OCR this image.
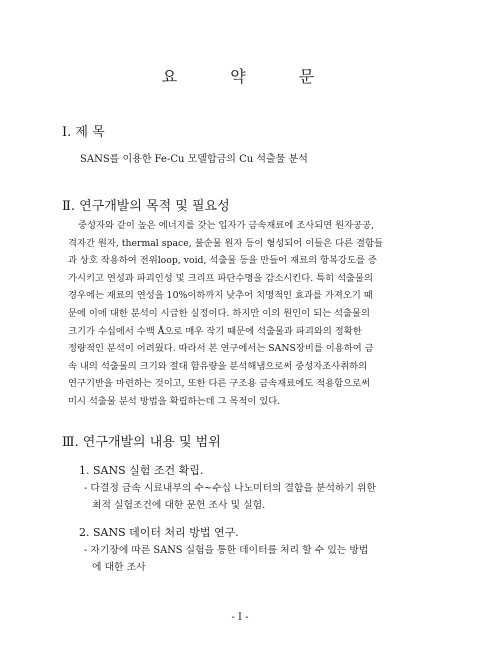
요 약 문
Ⅰ. 제 목
SANS를 이용한 Fe-Cu 모델합금의 Cu 석출물 분석
Ⅱ. 연구개발의 목적 및 필요성
중성자와 같이 높은 에너지를 갖는 입자가 금속재료에 조사되면 원자공공,
격자간 원자, thermal space, 불순물 원자 등이 형성되어 이들은 다른 결함들
과 상호 작용하여 전위loop, void, 석출물 등을 만들어 재료의 항복강도를 증
가시키고 연성과 파괴인성 및 크리프 파단수명을 감소시킨다. 특히 석출물의
경우에는 재료의 연성을 10%이하까지 낮추어 치명적인 효과를 가져오기 때
문에 이에 대한 분석이 시급한 실정이다. 하지만 이의 원인이 되는 석출물의
크기가 수십에서 수백 Å으로 매우 작기 때문에 석출물과 파괴와의 정확한
정량적인 분석이 어려웠다. 따라서 본 연구에서는 SANS장비를 이용하여 금
속 내의 석출물의 크기와 절대 함유량을 분석해냄으로써 중성자조사취하의
연구기반을 마련하는 것이고, 또한 다른 구조용 금속재료에도 적용함으로써
미시 석출물 분석 방법을 확립하는데 그 목적이 있다.
Ⅲ. 연구개발의 내용 및 범위
1. SANS 실험 조건 확립.
- 다결정 금속 시료내부의 수~수십 나노미터의 결함을 분석하기 위한
최적 실험조건에 대한 문헌 조사 및 실험.
2. SANS 데이터 처리 방법 연구.
- 자기장에 따른 SANS 실험을 통한 데이터를 처리 할 수 있는 방법
에 대한 조사
- I -
